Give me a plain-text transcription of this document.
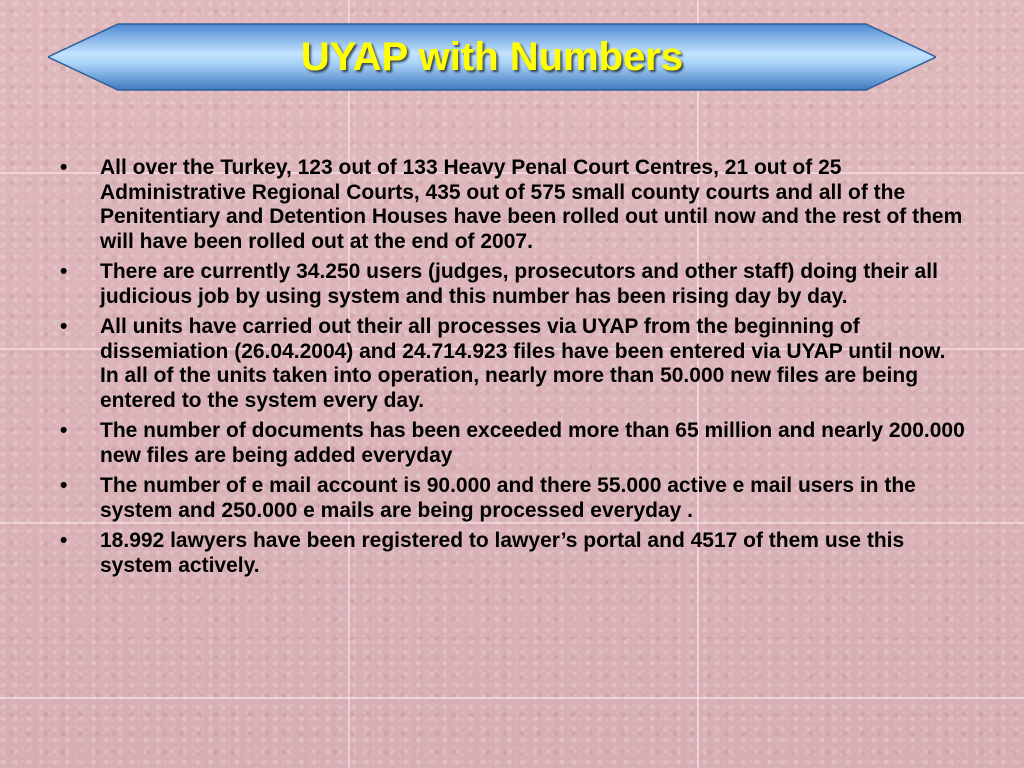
UYAP with Numbers
• All over the Turkey, 123 out of 133 Heavy Penal Court Centres, 21 out of 25 Administrative Regional Courts, 435 out of 575 small county courts and all of the Penitentiary and Detention Houses have been rolled out until now and the rest of them will have been rolled out at the end of 2007.
• There are currently 34.250 users (judges, prosecutors and other staff) doing their all judicious job by using system and this number has been rising day by day.
• All units have carried out their all processes via UYAP from the beginning of dissemiation (26.04.2004) and 24.714.923 files have been entered via UYAP until now. In all of the units taken into operation, nearly more than 50.000 new files are being entered to the system every day.
• The number of documents has been exceeded more than 65 million and nearly 200.000 new files are being added everyday
• The number of e mail account is 90.000 and there 55.000 active e mail users in the system and 250.000 e mails are being processed everyday .
• 18.992 lawyers have been registered to lawyer’s portal and 4517 of them use this system actively.
